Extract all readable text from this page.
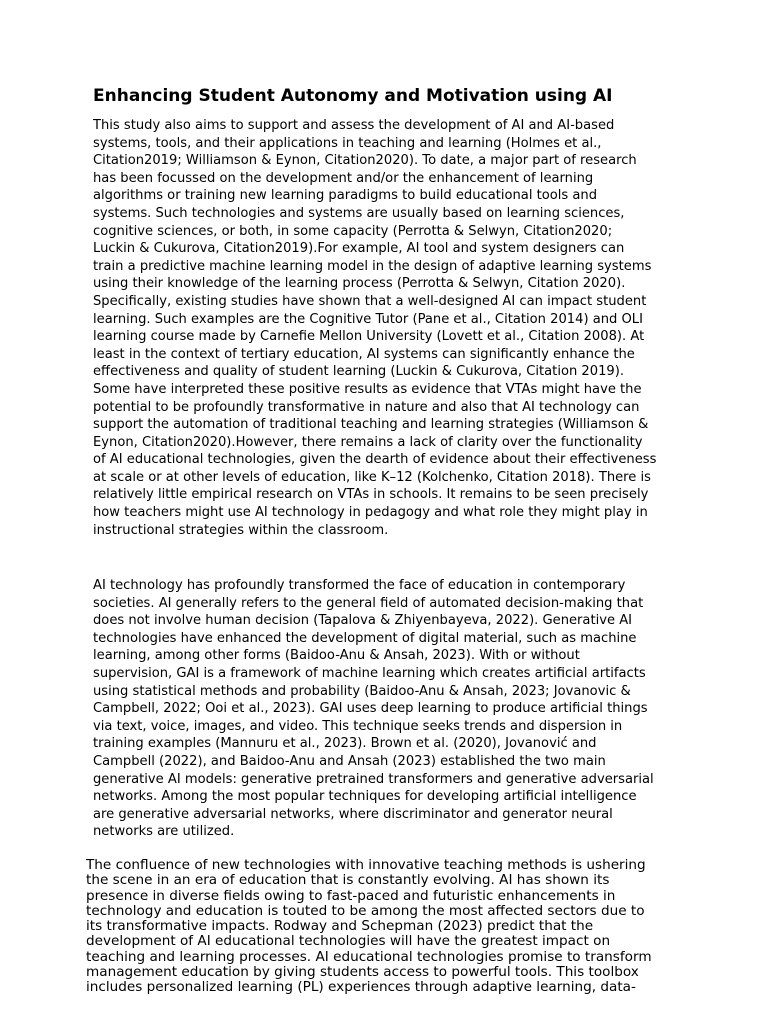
Enhancing Student Autonomy and Motivation using AI
This study also aims to support and assess the development of AI and AI-based
systems, tools, and their applications in teaching and learning (Holmes et al.,
Citation2019; Williamson & Eynon, Citation2020). To date, a major part of research
has been focussed on the development and/or the enhancement of learning
algorithms or training new learning paradigms to build educational tools and
systems. Such technologies and systems are usually based on learning sciences,
cognitive sciences, or both, in some capacity (Perrotta & Selwyn, Citation2020;
Luckin & Cukurova, Citation2019).For example, AI tool and system designers can
train a predictive machine learning model in the design of adaptive learning systems
using their knowledge of the learning process (Perrotta & Selwyn, Citation 2020).
Specifically, existing studies have shown that a well-designed AI can impact student
learning. Such examples are the Cognitive Tutor (Pane et al., Citation 2014) and OLI
learning course made by Carnefie Mellon University (Lovett et al., Citation 2008). At
least in the context of tertiary education, AI systems can significantly enhance the
effectiveness and quality of student learning (Luckin & Cukurova, Citation 2019).
Some have interpreted these positive results as evidence that VTAs might have the
potential to be profoundly transformative in nature and also that AI technology can
support the automation of traditional teaching and learning strategies (Williamson &
Eynon, Citation2020).However, there remains a lack of clarity over the functionality
of AI educational technologies, given the dearth of evidence about their effectiveness
at scale or at other levels of education, like K–12 (Kolchenko, Citation 2018). There is
relatively little empirical research on VTAs in schools. It remains to be seen precisely
how teachers might use AI technology in pedagogy and what role they might play in
instructional strategies within the classroom.
AI technology has profoundly transformed the face of education in contemporary
societies. AI generally refers to the general field of automated decision-making that
does not involve human decision (Tapalova & Zhiyenbayeva, 2022). Generative AI
technologies have enhanced the development of digital material, such as machine
learning, among other forms (Baidoo-Anu & Ansah, 2023). With or without
supervision, GAI is a framework of machine learning which creates artificial artifacts
using statistical methods and probability (Baidoo-Anu & Ansah, 2023; Jovanovic &
Campbell, 2022; Ooi et al., 2023). GAI uses deep learning to produce artificial things
via text, voice, images, and video. This technique seeks trends and dispersion in
training examples (Mannuru et al., 2023). Brown et al. (2020), Jovanović and
Campbell (2022), and Baidoo-Anu and Ansah (2023) established the two main
generative AI models: generative pretrained transformers and generative adversarial
networks. Among the most popular techniques for developing artificial intelligence
are generative adversarial networks, where discriminator and generator neural
networks are utilized.
The confluence of new technologies with innovative teaching methods is ushering
the scene in an era of education that is constantly evolving. AI has shown its
presence in diverse fields owing to fast-paced and futuristic enhancements in
technology and education is touted to be among the most affected sectors due to
its transformative impacts. Rodway and Schepman (2023) predict that the
development of AI educational technologies will have the greatest impact on
teaching and learning processes. AI educational technologies promise to transform
management education by giving students access to powerful tools. This toolbox
includes personalized learning (PL) experiences through adaptive learning, data-
